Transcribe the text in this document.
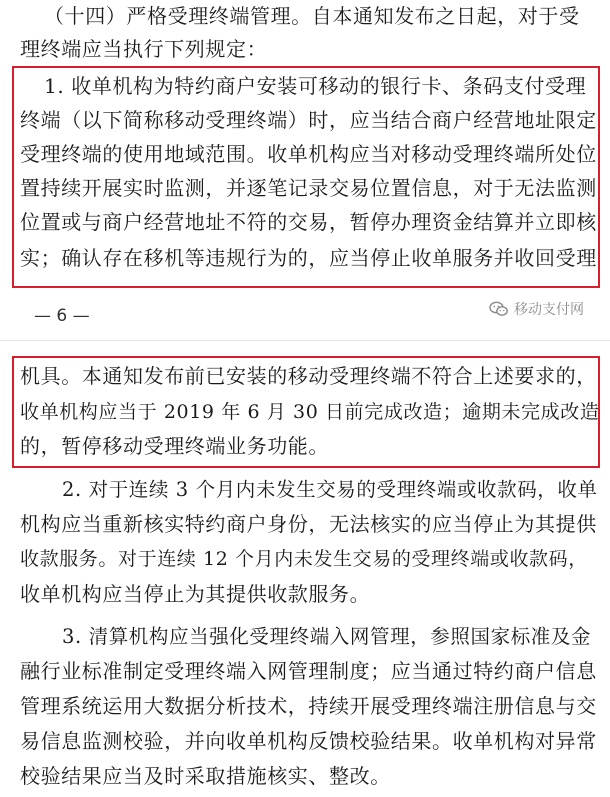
（十四）严格受理终端管理。自本通知发布之日起，对于受
理终端应当执行下列规定：
1. 收单机构为特约商户安装可移动的银行卡、条码支付受理
终端（以下简称移动受理终端）时，应当结合商户经营地址限定
受理终端的使用地域范围。收单机构应当对移动受理终端所处位
置持续开展实时监测，并逐笔记录交易位置信息，对于无法监测
位置或与商户经营地址不符的交易，暂停办理资金结算并立即核
实；确认存在移机等违规行为的，应当停止收单服务并收回受理
— 6 —	移动支付网
机具。本通知发布前已安装的移动受理终端不符合上述要求的，
收单机构应当于 2019 年 6 月 30 日前完成改造；逾期未完成改造
的，暂停移动受理终端业务功能。
2. 对于连续 3 个月内未发生交易的受理终端或收款码，收单
机构应当重新核实特约商户身份，无法核实的应当停止为其提供
收款服务。对于连续 12 个月内未发生交易的受理终端或收款码，
收单机构应当停止为其提供收款服务。
3. 清算机构应当强化受理终端入网管理，参照国家标准及金
融行业标准制定受理终端入网管理制度；应当通过特约商户信息
管理系统运用大数据分析技术，持续开展受理终端注册信息与交
易信息监测校验，并向收单机构反馈校验结果。收单机构对异常
校验结果应当及时采取措施核实、整改。
